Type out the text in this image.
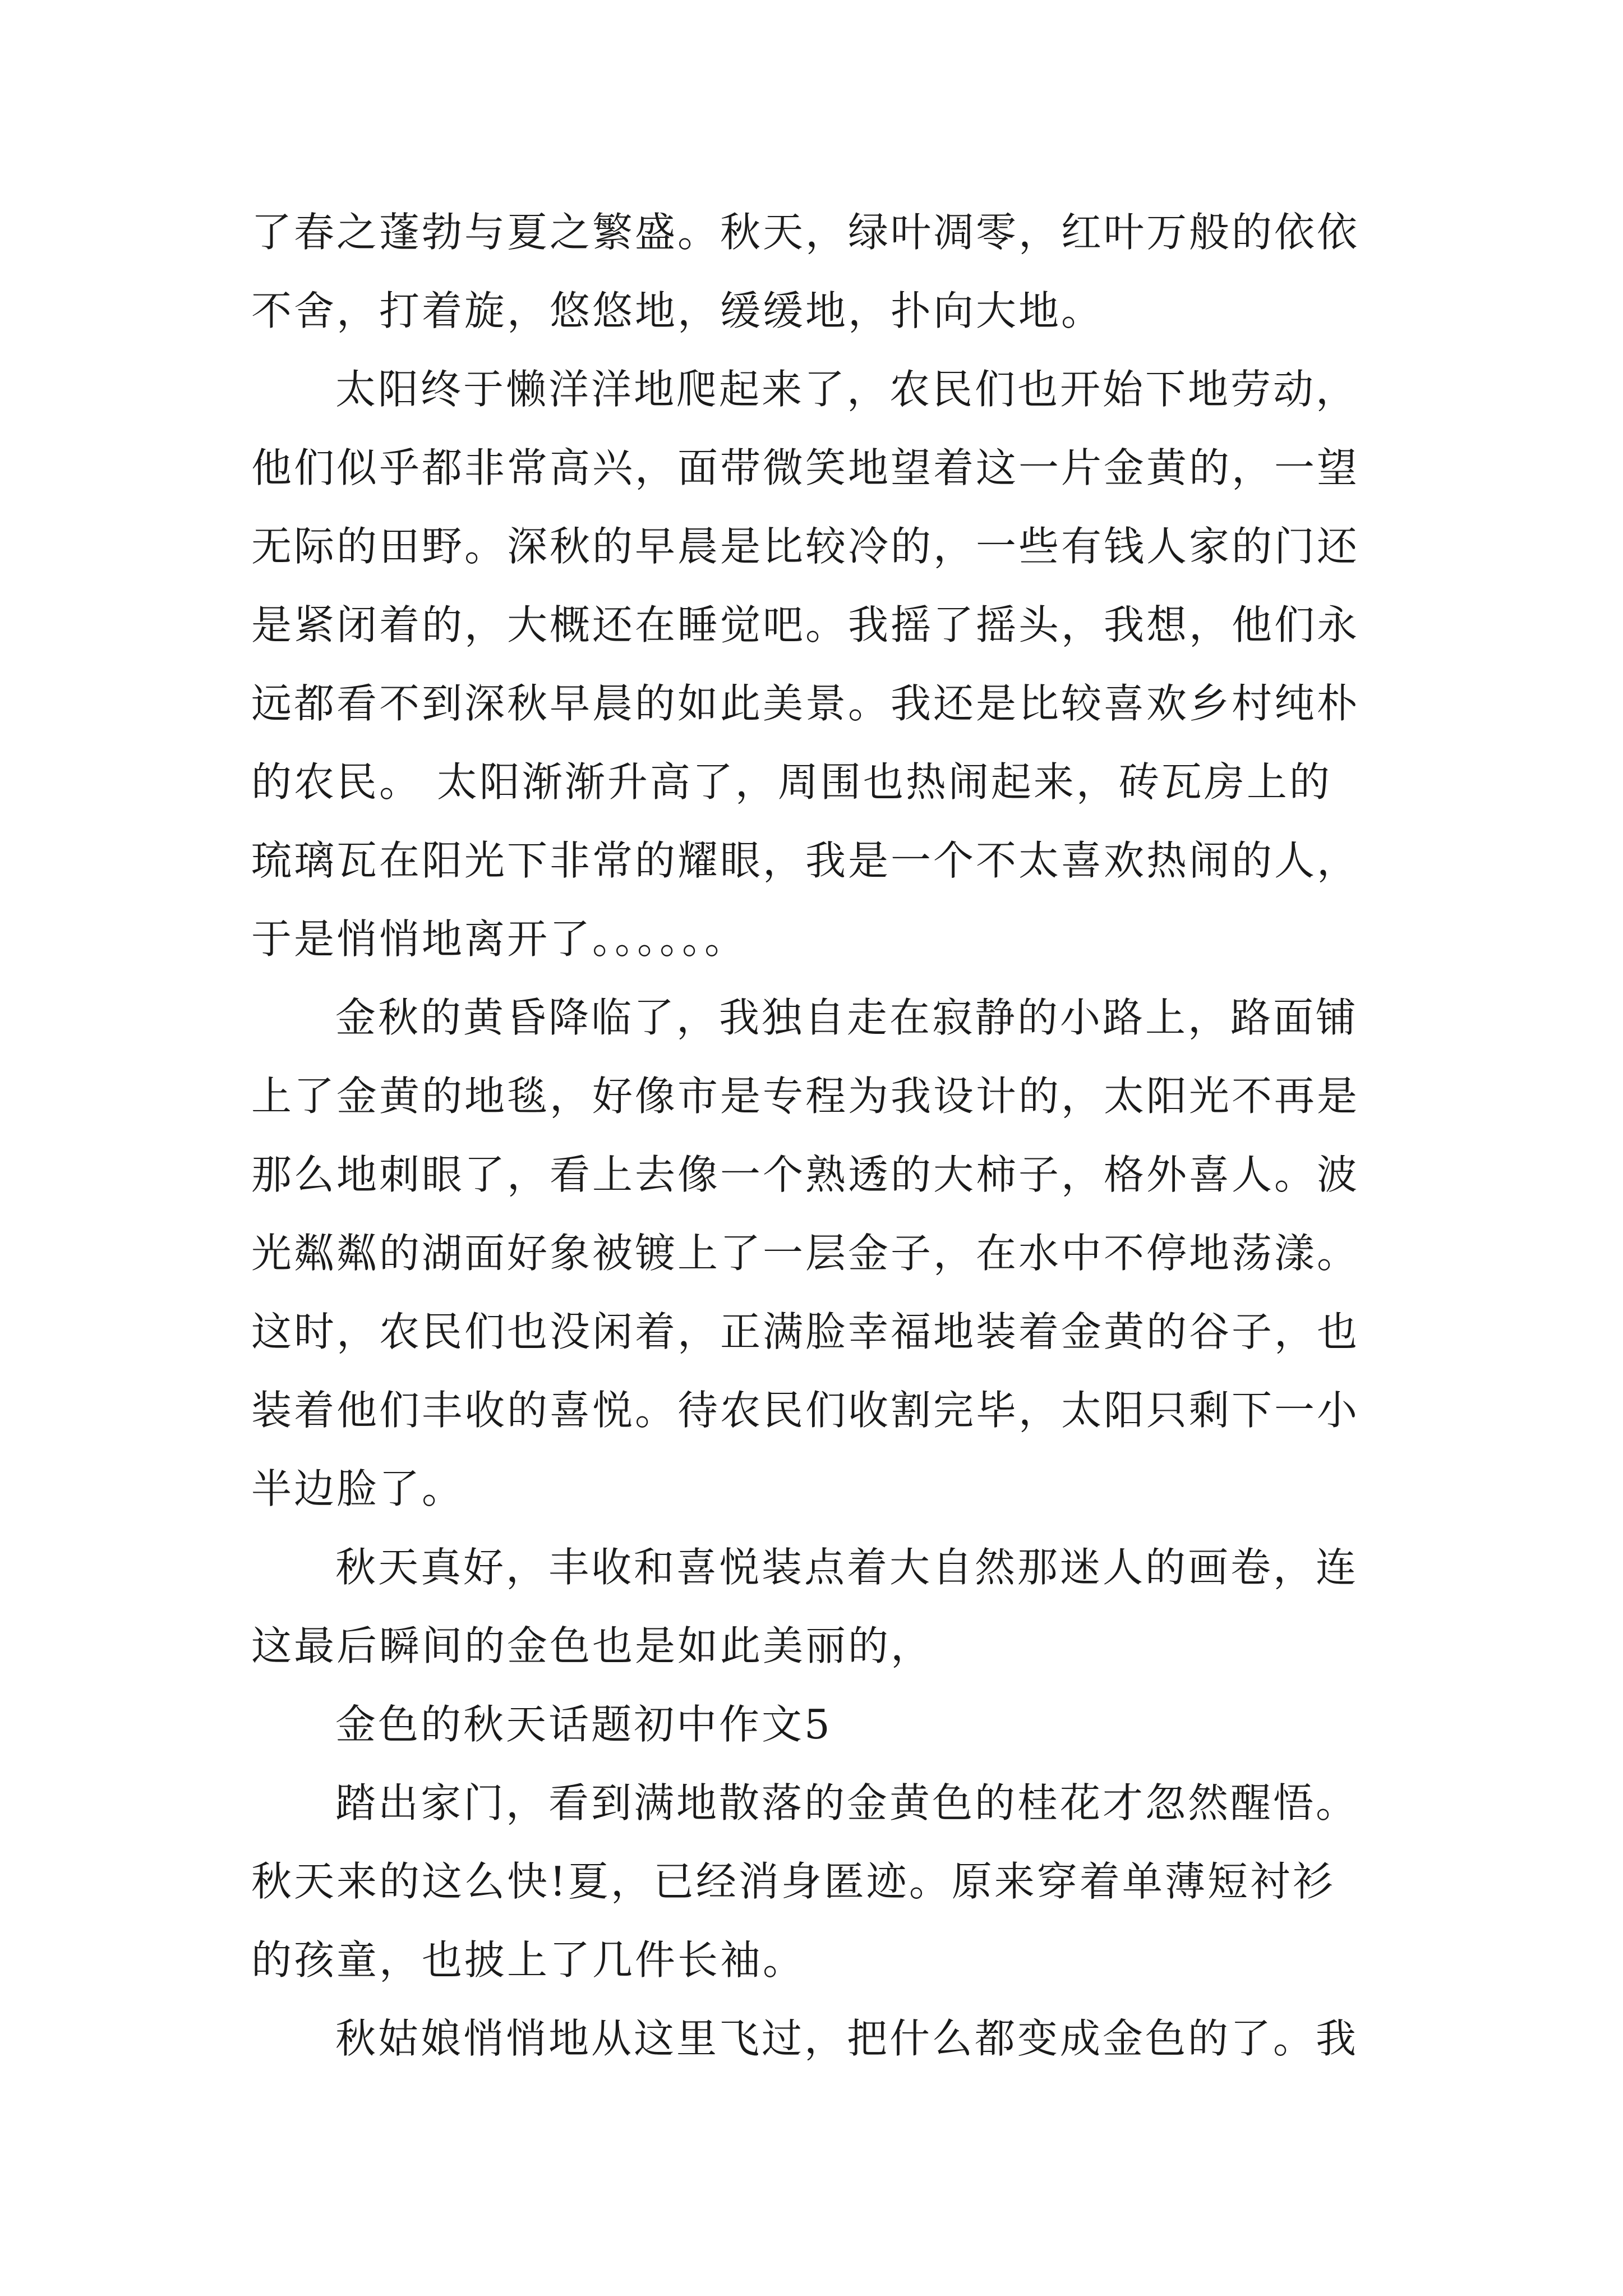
了春之蓬勃与夏之繁盛。秋天，绿叶凋零，红叶万般的依依
不舍，打着旋，悠悠地，缓缓地，扑向大地。
太阳终于懒洋洋地爬起来了，农民们也开始下地劳动，
他们似乎都非常高兴，面带微笑地望着这一片金黄的，一望
无际的田野。深秋的早晨是比较冷的，一些有钱人家的门还
是紧闭着的，大概还在睡觉吧。我摇了摇头，我想，他们永
远都看不到深秋早晨的如此美景。我还是比较喜欢乡村纯朴
的农民。 太阳渐渐升高了，周围也热闹起来，砖瓦房上的
琉璃瓦在阳光下非常的耀眼，我是一个不太喜欢热闹的人，
于是悄悄地离开了。。。。。。
金秋的黄昏降临了，我独自走在寂静的小路上，路面铺
上了金黄的地毯，好像市是专程为我设计的，太阳光不再是
那么地刺眼了，看上去像一个熟透的大柿子，格外喜人。波
光粼粼的湖面好象被镀上了一层金子，在水中不停地荡漾。
这时，农民们也没闲着，正满脸幸福地装着金黄的谷子，也
装着他们丰收的喜悦。待农民们收割完毕，太阳只剩下一小
半边脸了。
秋天真好，丰收和喜悦装点着大自然那迷人的画卷，连
这最后瞬间的金色也是如此美丽的，
金色的秋天话题初中作文5
踏出家门，看到满地散落的金黄色的桂花才忽然醒悟。
秋天来的这么快!夏，已经消身匿迹。原来穿着单薄短衬衫
的孩童，也披上了几件长袖。
秋姑娘悄悄地从这里飞过，把什么都变成金色的了。我
